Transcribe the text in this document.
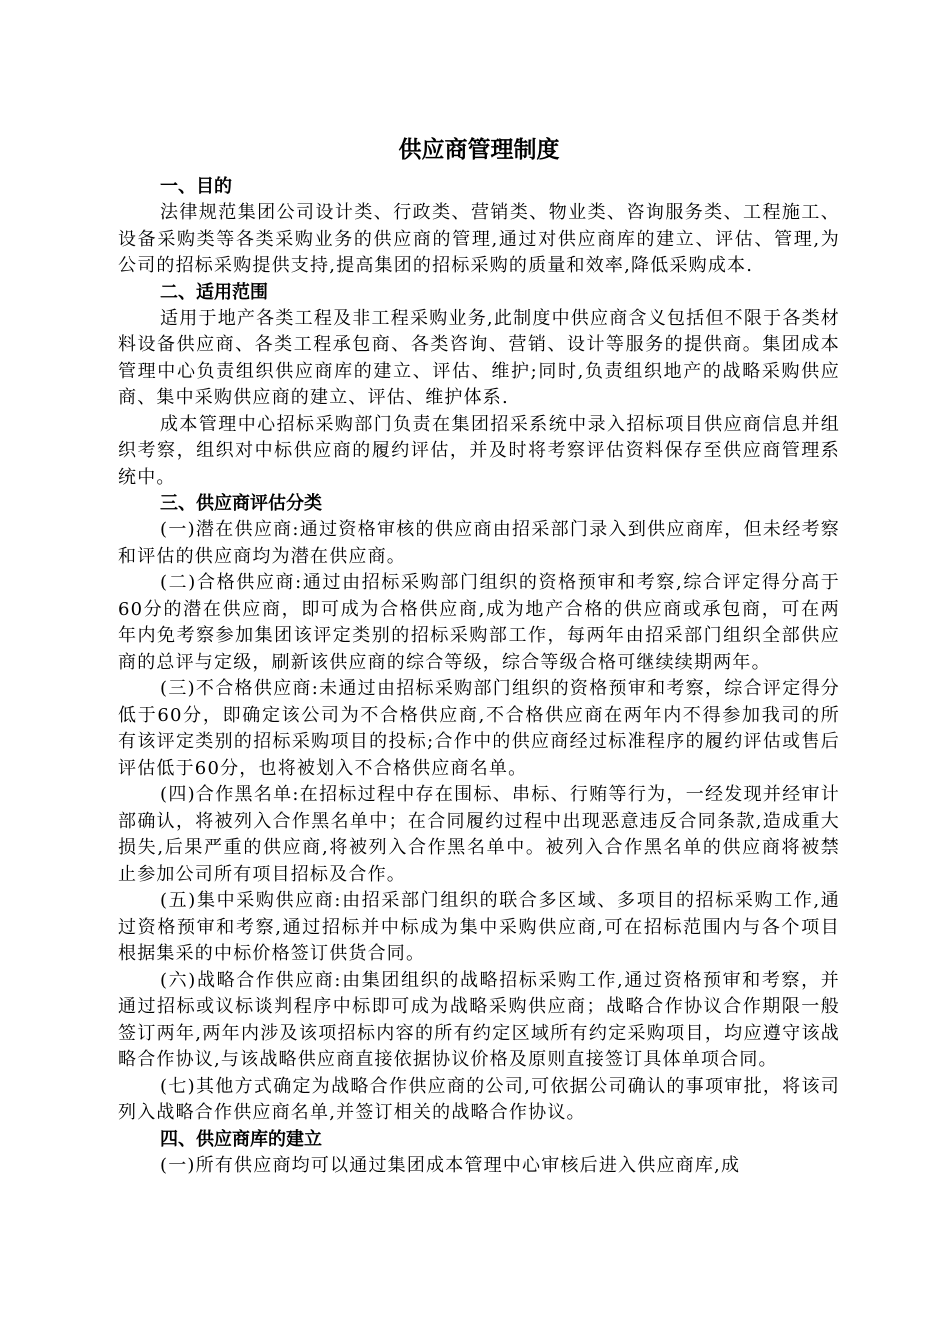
供应商管理制度
一、目的

法律规范集团公司设计类、行政类、营销类、物业类、咨询服务类、工程施工、设备采购类等各类采购业务的供应商的管理,通过对供应商库的建立、评估、管理,为公司的招标采购提供支持,提高集团的招标采购的质量和效率,降低采购成本.

二、适用范围

适用于地产各类工程及非工程采购业务,此制度中供应商含义包括但不限于各类材料设备供应商、各类工程承包商、各类咨询、营销、设计等服务的提供商。集团成本管理中心负责组织供应商库的建立、评估、维护;同时,负责组织地产的战略采购供应商、集中采购供应商的建立、评估、维护体系.

成本管理中心招标采购部门负责在集团招采系统中录入招标项目供应商信息并组织考察，组织对中标供应商的履约评估，并及时将考察评估资料保存至供应商管理系统中。

三、供应商评估分类

(一)潜在供应商:通过资格审核的供应商由招采部门录入到供应商库，但未经考察和评估的供应商均为潜在供应商。

(二)合格供应商:通过由招标采购部门组织的资格预审和考察,综合评定得分高于60分的潜在供应商，即可成为合格供应商,成为地产合格的供应商或承包商，可在两年内免考察参加集团该评定类别的招标采购部工作，每两年由招采部门组织全部供应商的总评与定级，刷新该供应商的综合等级，综合等级合格可继续续期两年。

(三)不合格供应商:未通过由招标采购部门组织的资格预审和考察，综合评定得分低于60分，即确定该公司为不合格供应商,不合格供应商在两年内不得参加我司的所有该评定类别的招标采购项目的投标;合作中的供应商经过标准程序的履约评估或售后评估低于60分，也将被划入不合格供应商名单。

(四)合作黑名单:在招标过程中存在围标、串标、行贿等行为，一经发现并经审计部确认，将被列入合作黑名单中；在合同履约过程中出现恶意违反合同条款,造成重大损失,后果严重的供应商,将被列入合作黑名单中。被列入合作黑名单的供应商将被禁止参加公司所有项目招标及合作。

(五)集中采购供应商:由招采部门组织的联合多区域、多项目的招标采购工作,通过资格预审和考察,通过招标并中标成为集中采购供应商,可在招标范围内与各个项目根据集采的中标价格签订供货合同。

(六)战略合作供应商:由集团组织的战略招标采购工作,通过资格预审和考察，并通过招标或议标谈判程序中标即可成为战略采购供应商；战略合作协议合作期限一般签订两年,两年内涉及该项招标内容的所有约定区域所有约定采购项目，均应遵守该战略合作协议,与该战略供应商直接依据协议价格及原则直接签订具体单项合同。

(七)其他方式确定为战略合作供应商的公司,可依据公司确认的事项审批，将该司列入战略合作供应商名单,并签订相关的战略合作协议。

四、供应商库的建立

(一)所有供应商均可以通过集团成本管理中心审核后进入供应商库,成
